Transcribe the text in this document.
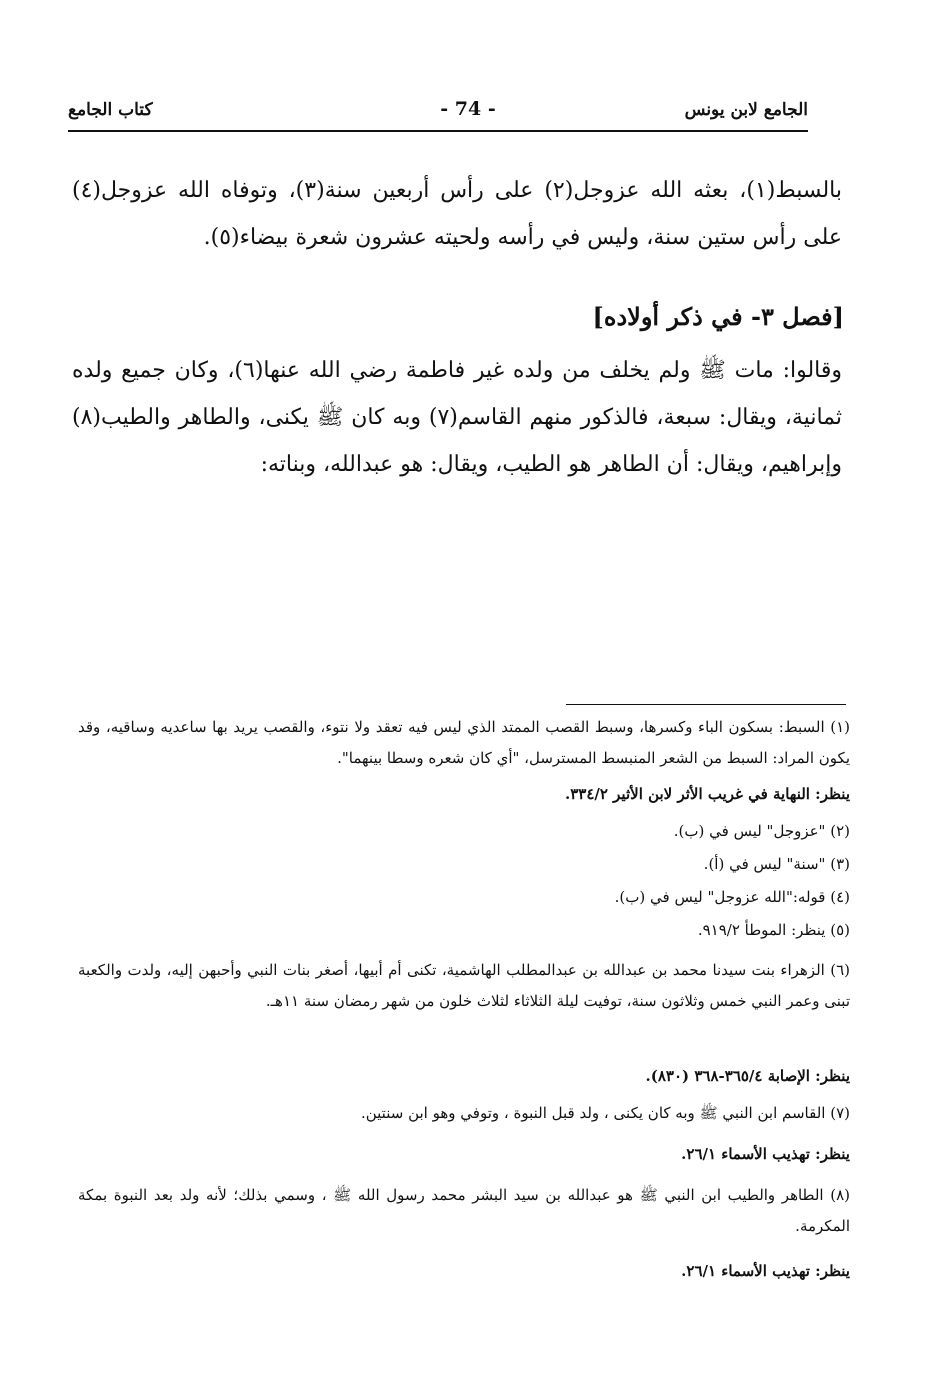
الجامع لابن يونس
- 74 -
كتاب الجامع

بالسبط(١)، بعثه الله عزوجل(٢) على رأس أربعين سنة(٣)، وتوفاه الله عزوجل(٤) على رأس ستين سنة، وليس في رأسه ولحيته عشرون شعرة بيضاء(٥).

[فصل ٣- في ذكر أولاده]

وقالوا: مات ﷺ ولم يخلف من ولده غير فاطمة رضي الله عنها(٦)، وكان جميع ولده ثمانية، ويقال: سبعة، فالذكور منهم القاسم(٧) وبه كان ﷺ يكنى، والطاهر والطيب(٨) وإبراهيم، ويقال: أن الطاهر هو الطيب، ويقال: هو عبدالله، وبناته:

(١) السبط: بسكون الباء وكسرها، وسبط القصب الممتد الذي ليس فيه تعقد ولا نتوء، والقصب يريد بها ساعديه وساقيه، وقد يكون المراد: السبط من الشعر المنبسط المسترسل، "أي كان شعره وسطا بينهما".

ينظر: النهاية في غريب الأثر لابن الأثير ٣٣٤/٢.

(٢) "عزوجل" ليس في (ب).

(٣) "سنة" ليس في (أ).

(٤) قوله:"الله عزوجل" ليس في (ب).

(٥) ينظر: الموطأ ٩١٩/٢.

(٦) الزهراء بنت سيدنا محمد بن عبدالله بن عبدالمطلب الهاشمية، تكنى أم أبيها، أصغر بنات النبي وأحبهن إليه، ولدت والكعبة تبنى وعمر النبي خمس وثلاثون سنة، توفيت ليلة الثلاثاء لثلاث خلون من شهر رمضان سنة ١١هـ.

ينظر: الإصابة ٣٦٥/٤-٣٦٨ (٨٣٠).

(٧) القاسم ابن النبي ﷺ وبه كان يكنى ، ولد قبل النبوة ، وتوفي وهو ابن سنتين.

ينظر: تهذيب الأسماء ٢٦/١.

(٨) الطاهر والطيب ابن النبي ﷺ هو عبدالله بن سيد البشر محمد رسول الله ﷺ ، وسمي بذلك؛ لأنه ولد بعد النبوة بمكة المكرمة.

ينظر: تهذيب الأسماء ٢٦/١.
